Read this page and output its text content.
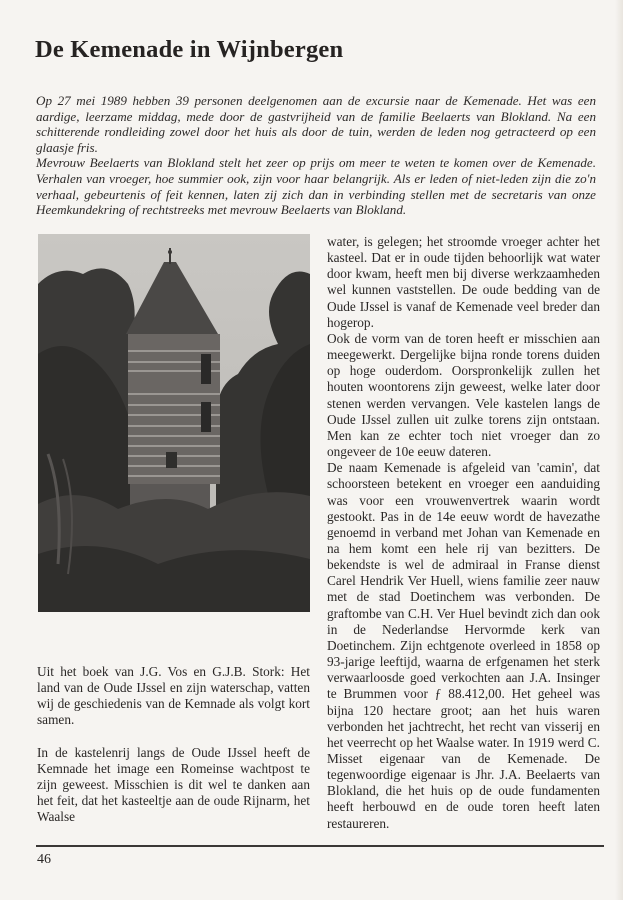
De Kemenade in Wijnbergen

Op 27 mei 1989 hebben 39 personen deelgenomen aan de excursie naar de Kemenade. Het was een aardige, leerzame middag, mede door de gastvrijheid van de familie Beelaerts van Blokland. Na een schitterende rondleiding zowel door het huis als door de tuin, werden de leden nog getracteerd op een glaasje fris.

Mevrouw Beelaerts van Blokland stelt het zeer op prijs om meer te weten te komen over de Kemenade. Verhalen van vroeger, hoe summier ook, zijn voor haar belangrijk. Als er leden of niet-leden zijn die zo'n verhaal, gebeurtenis of feit kennen, laten zij zich dan in verbinding stellen met de secretaris van onze Heemkundekring of rechtstreeks met mevrouw Beelaerts van Blokland.

Uit het boek van J.G. Vos en G.J.B. Stork: Het land van de Oude IJssel en zijn waterschap, vatten wij de geschiedenis van de Kemnade als volgt kort samen.

In de kastelenrij langs de Oude IJssel heeft de Kemnade het image een Romeinse wachtpost te zijn geweest. Misschien is dit wel te danken aan het feit, dat het kasteeltje aan de oude Rijnarm, het Waalse

water, is gelegen; het stroomde vroeger achter het kasteel. Dat er in oude tijden behoorlijk wat water door kwam, heeft men bij diverse werkzaamheden wel kunnen vaststellen. De oude bedding van de Oude IJssel is vanaf de Kemenade veel breder dan hogerop.

Ook de vorm van de toren heeft er misschien aan meegewerkt. Dergelijke bijna ronde torens duiden op hoge ouderdom. Oorspronkelijk zullen het houten woontorens zijn geweest, welke later door stenen werden vervangen. Vele kastelen langs de Oude IJssel zullen uit zulke torens zijn ontstaan. Men kan ze echter toch niet vroeger dan zo ongeveer de 10e eeuw dateren.

De naam Kemenade is afgeleid van 'camin', dat schoorsteen betekent en vroeger een aanduiding was voor een vrouwenvertrek waarin wordt gestookt. Pas in de 14e eeuw wordt de havezathe genoemd in verband met Johan van Kemenade en na hem komt een hele rij van bezitters. De bekendste is wel de admiraal in Franse dienst Carel Hendrik Ver Huell, wiens familie zeer nauw met de stad Doetinchem was verbonden. De graftombe van C.H. Ver Huel bevindt zich dan ook in de Nederlandse Hervormde kerk van Doetinchem. Zijn echtgenote overleed in 1858 op 93-jarige leeftijd, waarna de erfgenamen het sterk verwaarloosde goed verkochten aan J.A. Insinger te Brummen voor ƒ 88.412,00. Het geheel was bijna 120 hectare groot; aan het huis waren verbonden het jachtrecht, het recht van visserij en het veerrecht op het Waalse water. In 1919 werd C. Misset eigenaar van de Kemenade. De tegenwoordige eigenaar is Jhr. J.A. Beelaerts van Blokland, die het huis op de oude fundamenten heeft herbouwd en de oude toren heeft laten restaureren.

46
